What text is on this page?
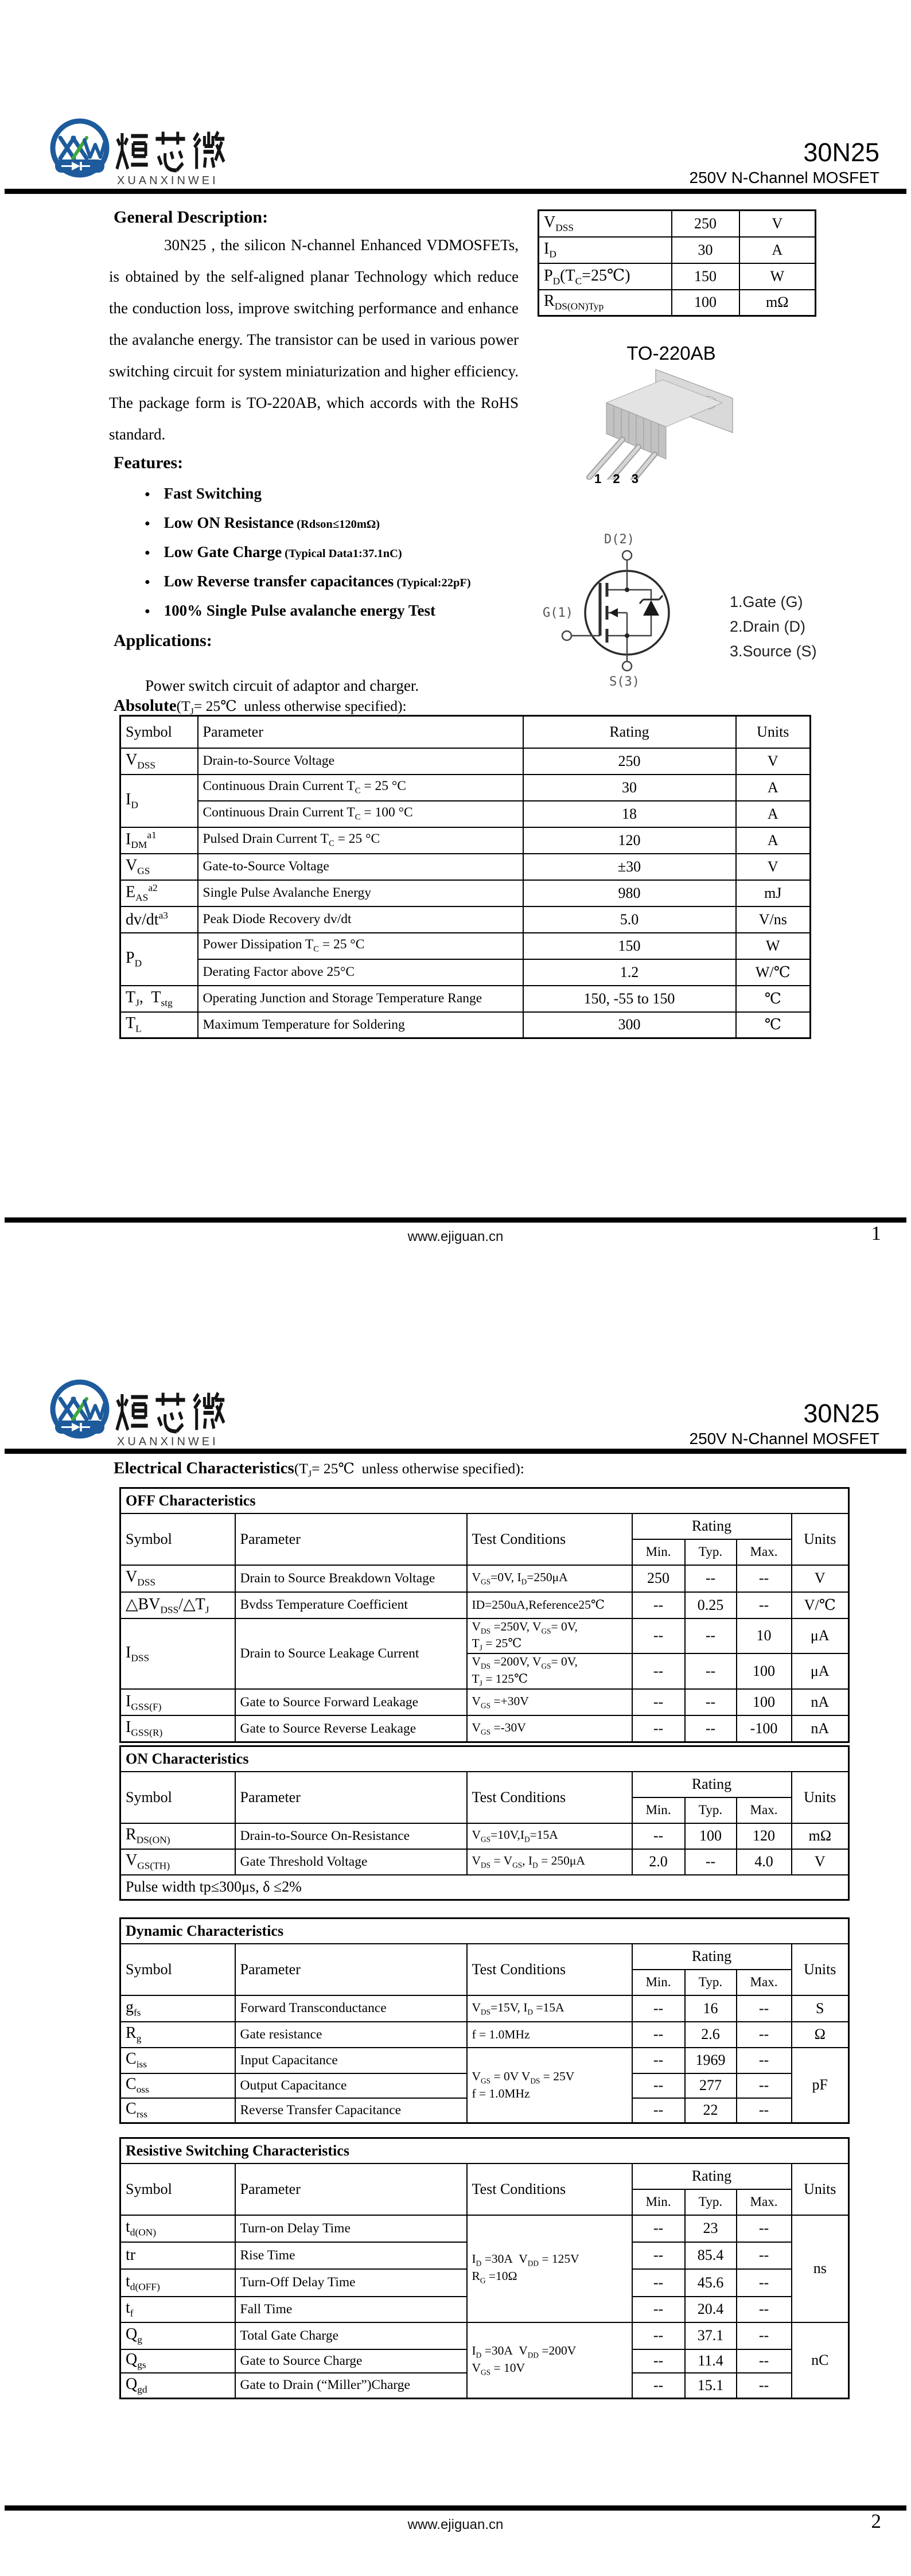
XUANXINWEI
30N25
250V N-Channel MOSFET
General Description:
30N25 , the silicon N-channel Enhanced VDMOSFETs, is obtained by the self-aligned planar Technology which reduce the conduction loss, improve switching performance and enhance the avalanche energy. The transistor can be used in various power switching circuit for system miniaturization and higher efficiency. The package form is TO-220AB, which accords with the RoHS standard.
$V_{DSS}$	250	V
$I_D$	30	A
$P_D(T_C=25℃)$	150	W
$R_{DS(ON)Typ}$	100	mΩ
TO-220AB
1 2 3
Features:
● Fast Switching
● Low ON Resistance (Rdson≤120mΩ)
● Low Gate Charge (Typical Data1:37.1nC)
● Low Reverse transfer capacitances (Typical:22pF)
● 100% Single Pulse avalanche energy Test
Applications:
Power switch circuit of adaptor and charger.
D(2)
G(1)
S(3)
1.Gate (G)
2.Drain (D)
3.Source (S)
$Absolute(T_J=$ 25℃  unless otherwise specified):
Symbol	Parameter	Rating	Units
$V_{DSS}$	Drain-to-Source Voltage	250	V
$I_D$	Continuous Drain Current $T_C = 25$ °C	30	A
	Continuous Drain Current $T_C = 100$ °C	18	A
$I_{DM}^{a1}$	Pulsed Drain Current $T_C = 25$ °C	120	A
$V_{GS}$	Gate-to-Source Voltage	±30	V
$E_{AS}^{a2}$	Single Pulse Avalanche Energy	980	mJ
$dv/dt^{a3}$	Peak Diode Recovery dv/dt	5.0	V/ns
$P_D$	Power Dissipation $T_C = 25$ °C	150	W
	Derating Factor above 25°C	1.2	W/℃
$T_J$,  $T_{stg}$	Operating Junction and Storage Temperature Range	150, -55 to 150	℃
$T_L$	Maximum Temperature for Soldering	300	℃
www.ejiguan.cn	1
XUANXINWEI
30N25
250V N-Channel MOSFET
Electrical $Characteristics(T_J=$ 25℃  unless otherwise specified):
OFF Characteristics						
Symbol	Parameter	Test Conditions	Rating			Units
			Min.	Typ.	Max.	
$V_{DSS}$	Drain to Source Breakdown Voltage	$V_{GS}=0V$, $I_D=250\mu A$	250	--	--	V
$\triangle BV_{DSS}/\triangle T_J$	Bvdss Temperature Coefficient	ID=250uA,Reference25℃	--	0.25	--	V/℃
$I_{DSS}$	Drain to Source Leakage Current	$V_{DS} =250V$, $V_{GS}= 0V$,
$T_J$ = 25℃	--	--	10	μA
		$V_{DS} =200V$, $V_{GS}= 0V$,
$T_J$ = 125℃	--	--	100	μA
$I_{GSS(F)}$	Gate to Source Forward Leakage	$V_{GS} =+30V$	--	--	100	nA
$I_{GSS(R)}$	Gate to Source Reverse Leakage	$V_{GS} =-30V$	--	--	-100	nA
ON Characteristics						
Symbol	Parameter	Test Conditions	Rating			Units
			Min.	Typ.	Max.	
$R_{DS(ON)}$	Drain-to-Source On-Resistance	$V_{GS}=10V,I_D=15A$	--	100	120	mΩ
$V_{GS(TH)}$	Gate Threshold Voltage	$V_{DS} = V_{GS}$, $I_D = 250\mu A$	2.0	--	4.0	V
Pulse width tp≤300μs, δ ≤2%						
Dynamic Characteristics						
Symbol	Parameter	Test Conditions	Rating			Units
			Min.	Typ.	Max.	
$g_{fs}$	Forward Transconductance	$V_{DS}=15V$, $I_D =15A$	--	16	--	S
$R_g$	Gate resistance	f = 1.0MHz	--	2.6	--	Ω
$C_{iss}$	Input Capacitance	$V_{GS} = 0V$ $V_{DS} = 25V$
f = 1.0MHz	--	1969	--	pF
$C_{oss}$	Output Capacitance		--	277	--	
$C_{rss}$	Reverse Transfer Capacitance		--	22	--	
Resistive Switching Characteristics						
Symbol	Parameter	Test Conditions	Rating			Units
			Min.	Typ.	Max.	
$t_{d(ON)}$	Turn-on Delay Time	$I_D =30A$  $V_{DD} = 125V$
$R_G =10\Omega$	--	23	--	ns
tr	Rise Time		--	85.4	--	
$t_{d(OFF)}$	Turn-Off Delay Time		--	45.6	--	
$t_f$	Fall Time		--	20.4	--	
$Q_g$	Total Gate Charge	$I_D =30A$  $V_{DD} =200V$
$V_{GS} = 10V$	--	37.1	--	nC
$Q_{gs}$	Gate to Source Charge		--	11.4	--	
$Q_{gd}$	Gate to Drain (“Miller”)Charge		--	15.1	--	
www.ejiguan.cn	2
